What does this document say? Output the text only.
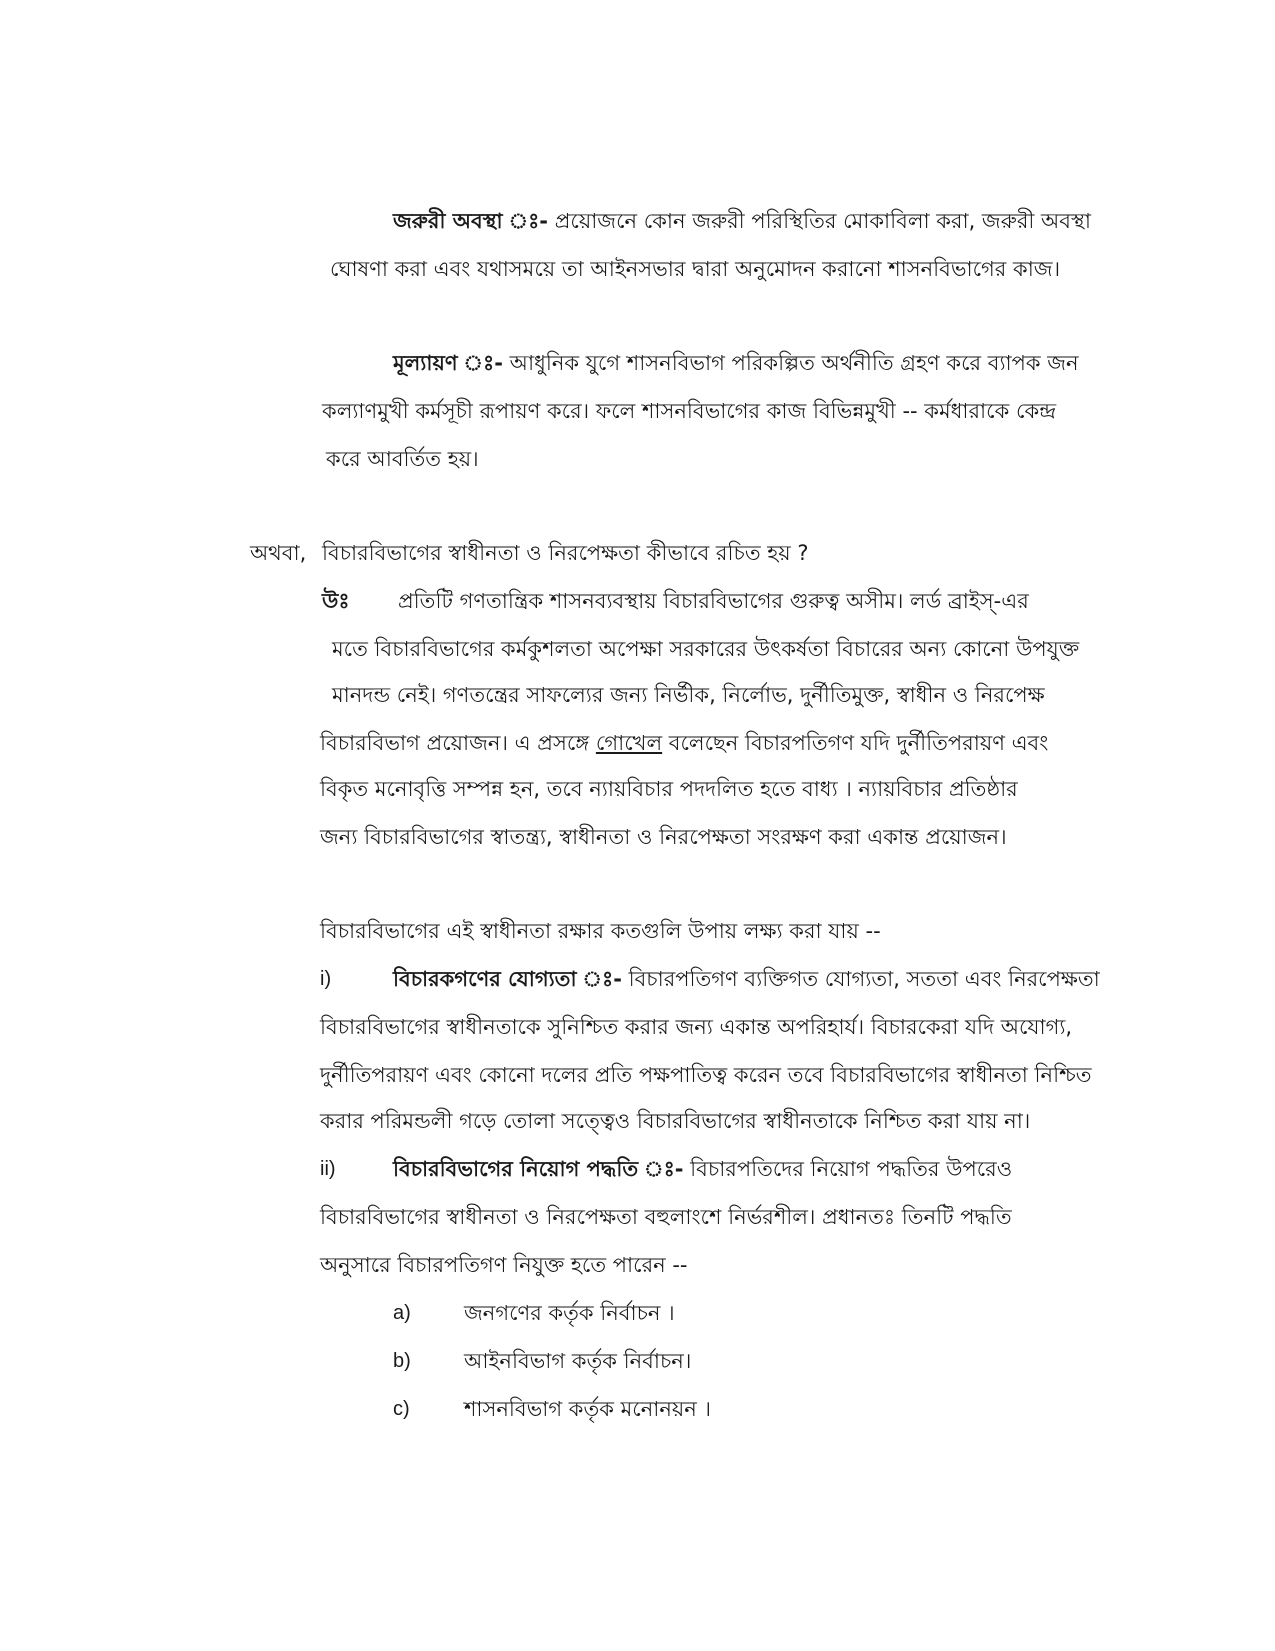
জরুরী অবস্থা ঃ- প্রয়োজনে কোন জরুরী পরিস্থিতির মোকাবিলা করা, জরুরী অবস্থা
ঘোষণা করা এবং যথাসময়ে তা আইনসভার দ্বারা অনুমোদন করানো শাসনবিভাগের কাজ।
মূল্যায়ণ ঃ- আধুনিক যুগে শাসনবিভাগ পরিকল্পিত অর্থনীতি গ্রহণ করে ব্যাপক জন
কল্যাণমুখী কর্মসূচী রূপায়ণ করে। ফলে শাসনবিভাগের কাজ বিভিন্নমুখী -- কর্মধারাকে কেন্দ্র
করে আবর্তিত হয়।
অথবা, বিচারবিভাগের স্বাধীনতা ও নিরপেক্ষতা কীভাবে রচিত হয় ?
উঃ প্রতিটি গণতান্ত্রিক শাসনব্যবস্থায় বিচারবিভাগের গুরুত্ব অসীম। লর্ড ব্রাইস্-এর
মতে বিচারবিভাগের কর্মকুশলতা অপেক্ষা সরকারের উৎকর্ষতা বিচারের অন্য কোনো উপযুক্ত
মানদন্ড নেই। গণতন্ত্রের সাফল্যের জন্য নির্ভীক, নির্লোভ, দুর্নীতিমুক্ত, স্বাধীন ও নিরপেক্ষ
বিচারবিভাগ প্রয়োজন। এ প্রসঙ্গে গোখেল বলেছেন বিচারপতিগণ যদি দুর্নীতিপরায়ণ এবং
বিকৃত মনোবৃত্তি সম্পন্ন হন, তবে ন্যায়বিচার পদদলিত হতে বাধ্য । ন্যায়বিচার প্রতিষ্ঠার
জন্য বিচারবিভাগের স্বাতন্ত্র্য, স্বাধীনতা ও নিরপেক্ষতা সংরক্ষণ করা একান্ত প্রয়োজন।
বিচারবিভাগের এই স্বাধীনতা রক্ষার কতগুলি উপায় লক্ষ্য করা যায় --
i)	বিচারকগণের যোগ্যতা ঃ- বিচারপতিগণ ব্যক্তিগত যোগ্যতা, সততা এবং নিরপেক্ষতা
বিচারবিভাগের স্বাধীনতাকে সুনিশ্চিত করার জন্য একান্ত অপরিহার্য। বিচারকেরা যদি অযোগ্য,
দুর্নীতিপরায়ণ এবং কোনো দলের প্রতি পক্ষপাতিত্ব করেন তবে বিচারবিভাগের স্বাধীনতা নিশ্চিত
করার পরিমন্ডলী গড়ে তোলা সত্ত্বেও বিচারবিভাগের স্বাধীনতাকে নিশ্চিত করা যায় না।
ii)	বিচারবিভাগের নিয়োগ পদ্ধতি ঃ- বিচারপতিদের নিয়োগ পদ্ধতির উপরেও
বিচারবিভাগের স্বাধীনতা ও নিরপেক্ষতা বহুলাংশে নির্ভরশীল। প্রধানতঃ তিনটি পদ্ধতি
অনুসারে বিচারপতিগণ নিযুক্ত হতে পারেন --
a)	জনগণের কর্তৃক নির্বাচন ।
b)	আইনবিভাগ কর্তৃক নির্বাচন।
c)	শাসনবিভাগ কর্তৃক মনোনয়ন ।
